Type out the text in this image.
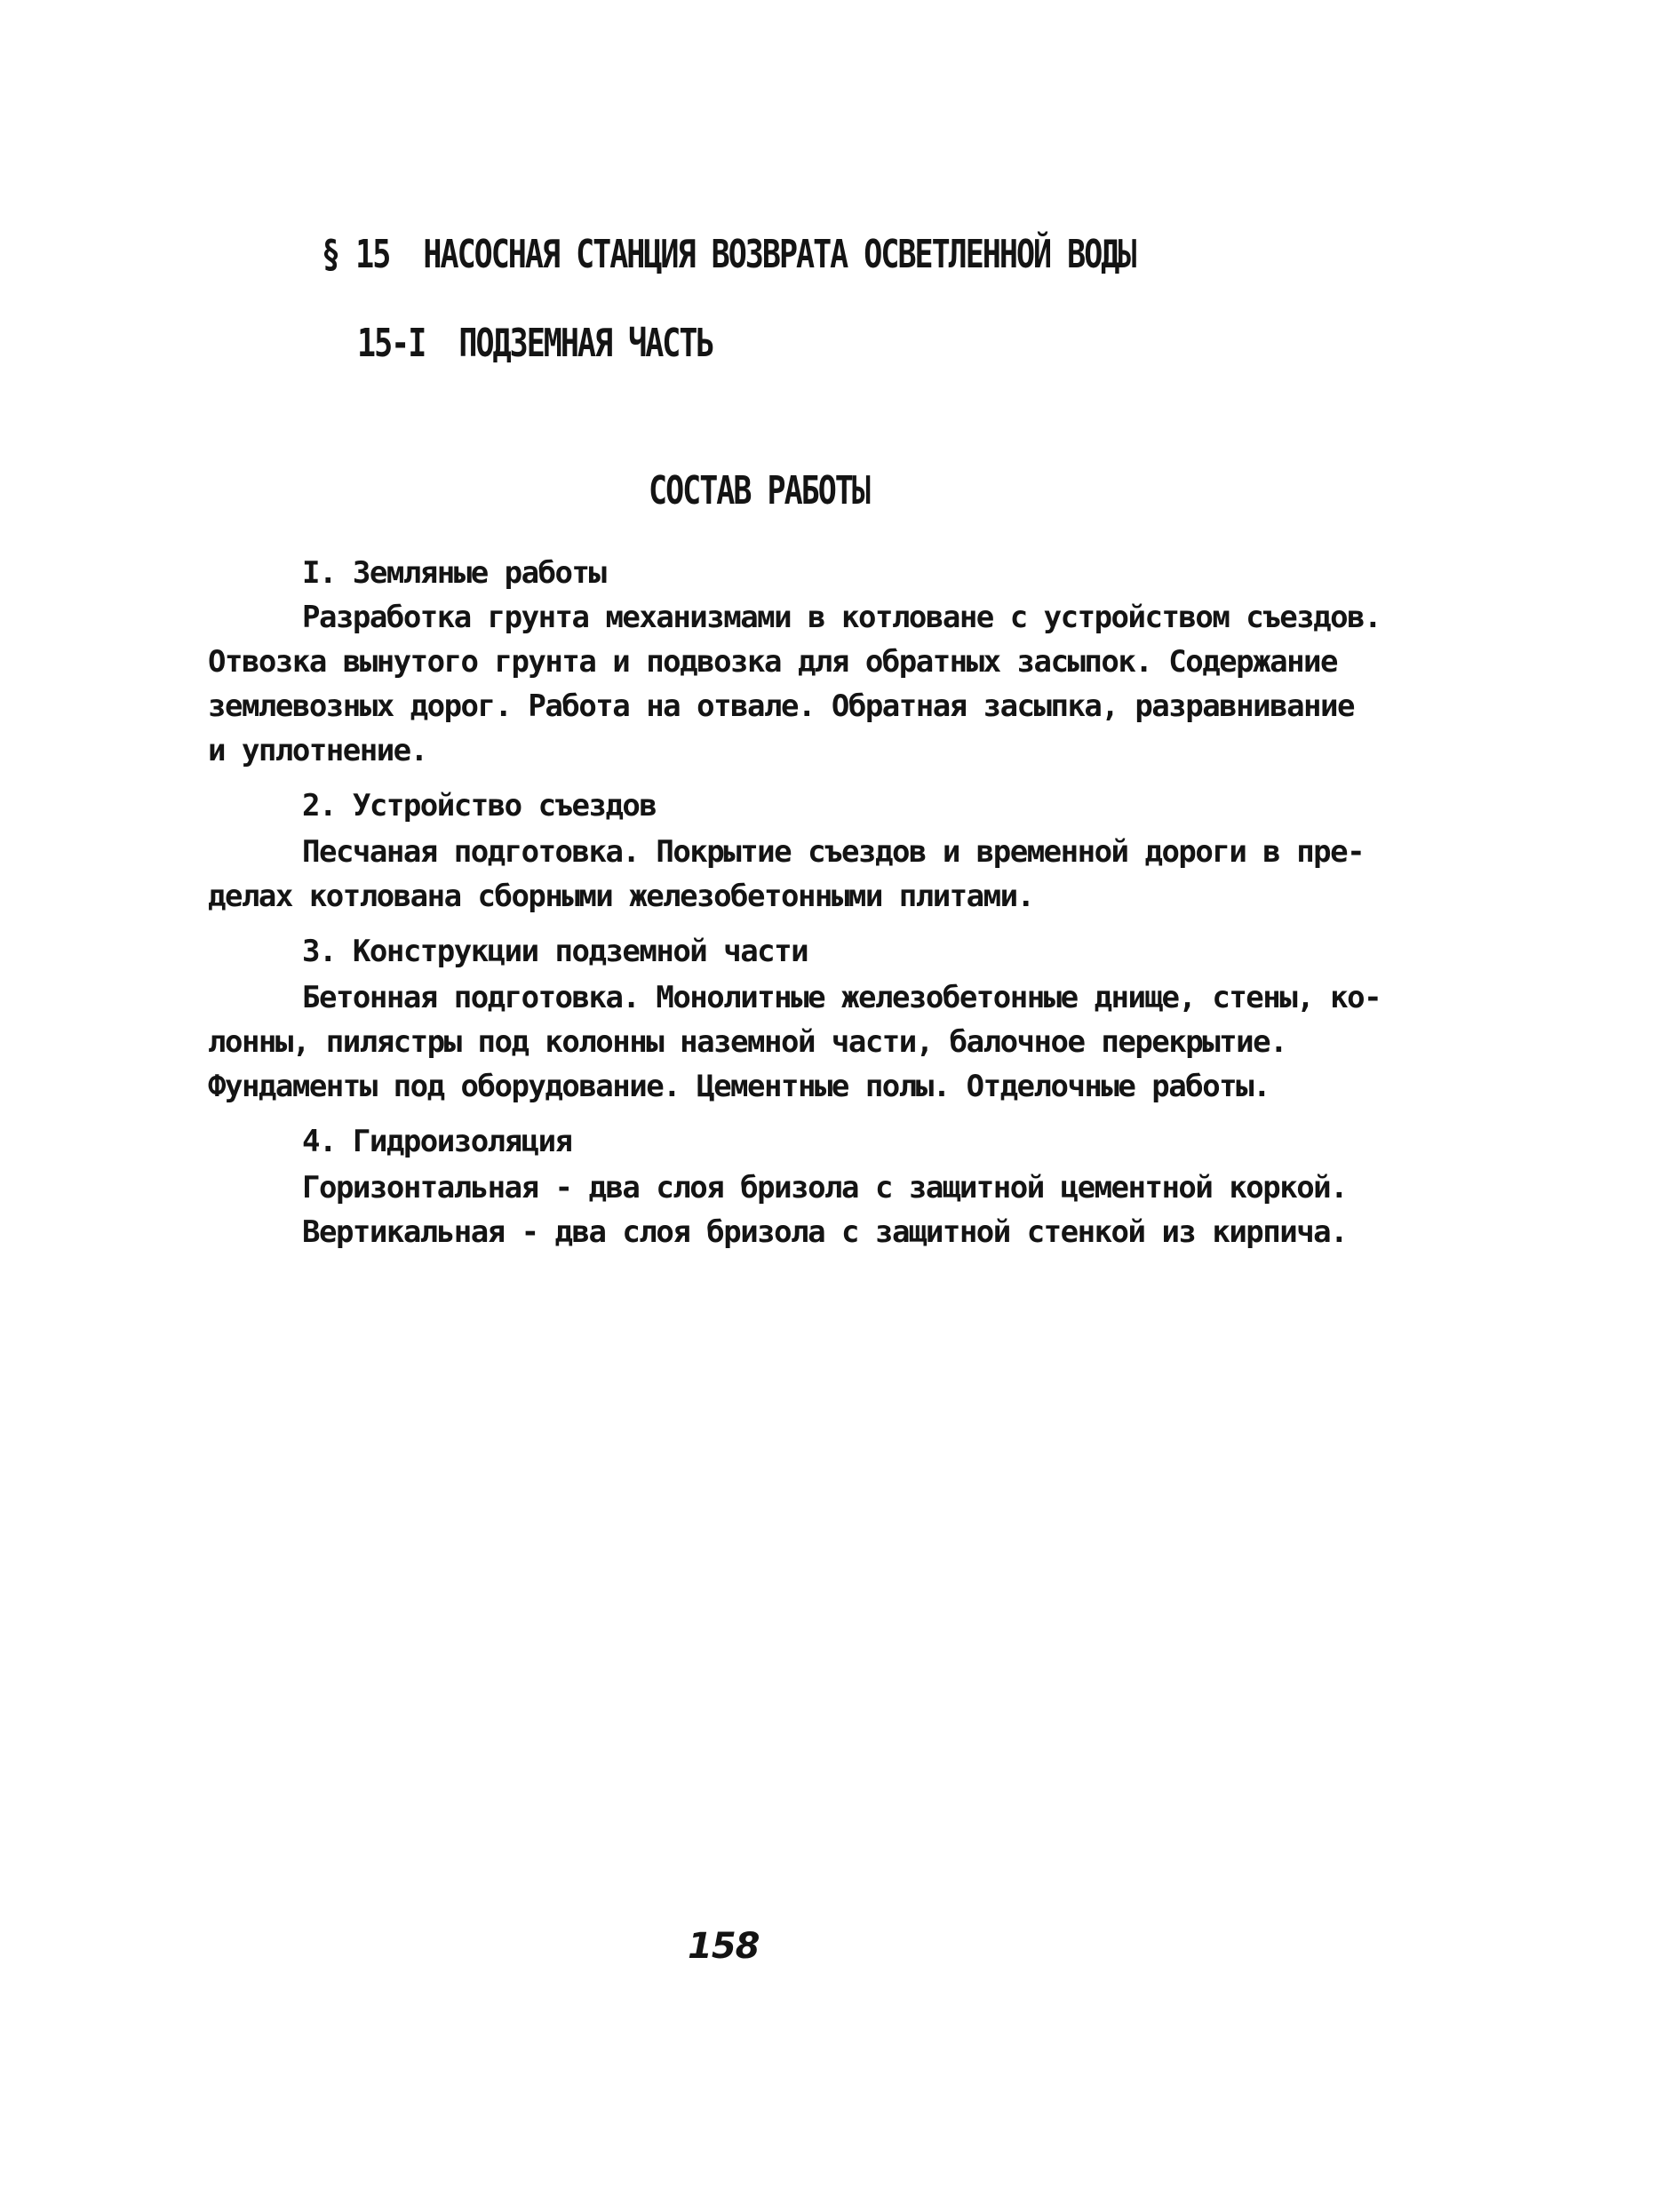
§ 15  НАСОСНАЯ СТАНЦИЯ ВОЗВРАТА ОСВЕТЛЕННОЙ ВОДЫ
15-I  ПОДЗЕМНАЯ ЧАСТЬ
СОСТАВ РАБОТЫ
I. Земляные работы
Разработка грунта механизмами в котловане с устройством съездов.
Отвозка вынутого грунта и подвозка для обратных засыпок. Содержание
землевозных дорог. Работа на отвале. Обратная засыпка, разравнивание
и уплотнение.
2. Устройство съездов
Песчаная подготовка. Покрытие съездов и временной дороги в пре-
делах котлована сборными железобетонными плитами.
3. Конструкции подземной части
Бетонная подготовка. Монолитные железобетонные днище, стены, ко-
лонны, пилястры под колонны наземной части, балочное перекрытие.
Фундаменты под оборудование. Цементные полы. Отделочные работы.
4. Гидроизоляция
Горизонтальная - два слоя бризола с защитной цементной коркой.
Вертикальная - два слоя бризола с защитной стенкой из кирпича.
158
